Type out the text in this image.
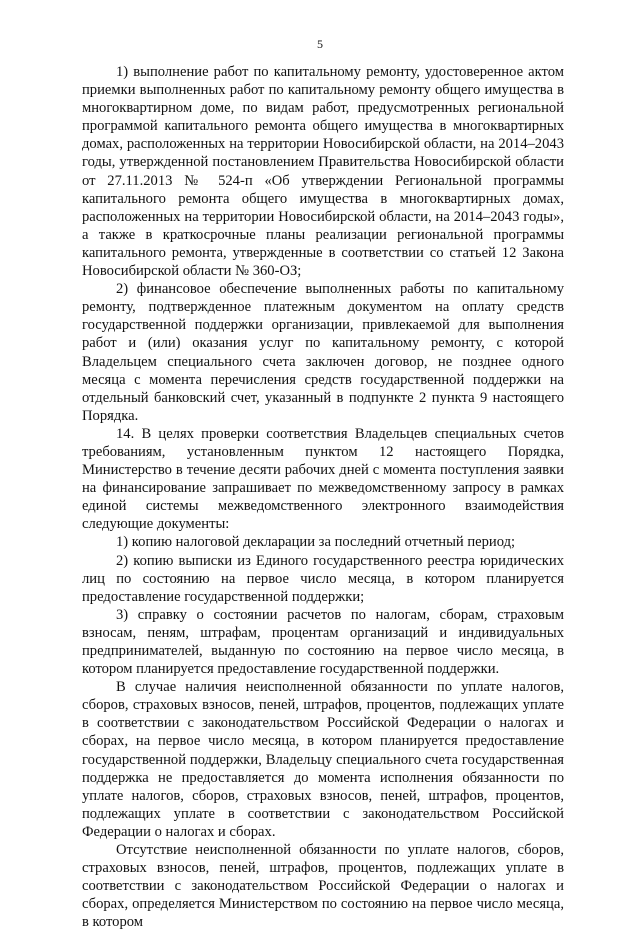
5

1) выполнение работ по капитальному ремонту, удостоверенное актом приемки выполненных работ по капитальному ремонту общего имущества в многоквартирном доме, по видам работ, предусмотренных региональной программой капитального ремонта общего имущества в многоквартирных домах, расположенных на территории Новосибирской области, на 2014–2043 годы, утвержденной постановлением Правительства Новосибирской области от 27.11.2013 № 524-п «Об утверждении Региональной программы капитального ремонта общего имущества в многоквартирных домах, расположенных на территории Новосибирской области, на 2014–2043 годы», а также в краткосрочные планы реализации региональной программы капитального ремонта, утвержденные в соответствии со статьей 12 Закона Новосибирской области № 360-ОЗ;

2) финансовое обеспечение выполненных работы по капитальному ремонту, подтвержденное платежным документом на оплату средств государственной поддержки организации, привлекаемой для выполнения работ и (или) оказания услуг по капитальному ремонту, с которой Владельцем специального счета заключен договор, не позднее одного месяца с момента перечисления средств государственной поддержки на отдельный банковский счет, указанный в подпункте 2 пункта 9 настоящего Порядка.

14. В целях проверки соответствия Владельцев специальных счетов требованиям, установленным пунктом 12 настоящего Порядка, Министерство в течение десяти рабочих дней с момента поступления заявки на финансирование запрашивает по межведомственному запросу в рамках единой системы межведомственного электронного взаимодействия следующие документы:

1) копию налоговой декларации за последний отчетный период;

2) копию выписки из Единого государственного реестра юридических лиц по состоянию на первое число месяца, в котором планируется предоставление государственной поддержки;

3) справку о состоянии расчетов по налогам, сборам, страховым взносам, пеням, штрафам, процентам организаций и индивидуальных предпринимателей, выданную по состоянию на первое число месяца, в котором планируется предоставление государственной поддержки.

В случае наличия неисполненной обязанности по уплате налогов, сборов, страховых взносов, пеней, штрафов, процентов, подлежащих уплате в соответствии с законодательством Российской Федерации о налогах и сборах, на первое число месяца, в котором планируется предоставление государственной поддержки, Владельцу специального счета государственная поддержка не предоставляется до момента исполнения обязанности по уплате налогов, сборов, страховых взносов, пеней, штрафов, процентов, подлежащих уплате в соответствии с законодательством Российской Федерации о налогах и сборах.

Отсутствие неисполненной обязанности по уплате налогов, сборов, страховых взносов, пеней, штрафов, процентов, подлежащих уплате в соответствии с законодательством Российской Федерации о налогах и сборах, определяется Министерством по состоянию на первое число месяца, в котором
